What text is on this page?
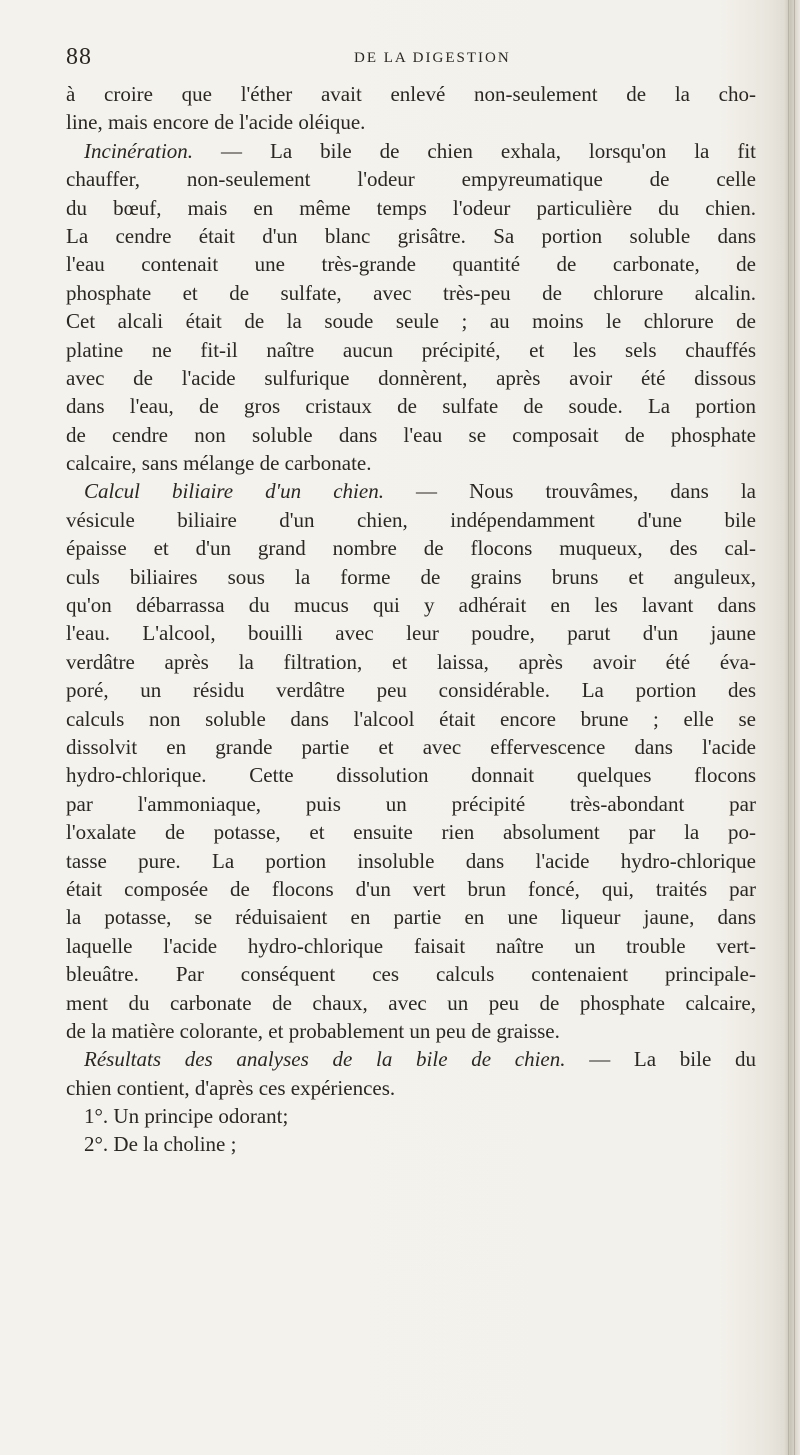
88	DE LA DIGESTION
à croire que l'éther avait enlevé non-seulement de la cho-
line, mais encore de l'acide oléique.
Incinération. — La bile de chien exhala, lorsqu'on la fit
chauffer, non-seulement l'odeur empyreumatique de celle
du bœuf, mais en même temps l'odeur particulière du chien.
La cendre était d'un blanc grisâtre. Sa portion soluble dans
l'eau contenait une très-grande quantité de carbonate, de
phosphate et de sulfate, avec très-peu de chlorure alcalin.
Cet alcali était de la soude seule ; au moins le chlorure de
platine ne fit-il naître aucun précipité, et les sels chauffés
avec de l'acide sulfurique donnèrent, après avoir été dissous
dans l'eau, de gros cristaux de sulfate de soude. La portion
de cendre non soluble dans l'eau se composait de phosphate
calcaire, sans mélange de carbonate.
Calcul biliaire d'un chien. — Nous trouvâmes, dans la
vésicule biliaire d'un chien, indépendamment d'une bile
épaisse et d'un grand nombre de flocons muqueux, des cal-
culs biliaires sous la forme de grains bruns et anguleux,
qu'on débarrassa du mucus qui y adhérait en les lavant dans
l'eau. L'alcool, bouilli avec leur poudre, parut d'un jaune
verdâtre après la filtration, et laissa, après avoir été éva-
poré, un résidu verdâtre peu considérable. La portion des
calculs non soluble dans l'alcool était encore brune ; elle se
dissolvit en grande partie et avec effervescence dans l'acide
hydro-chlorique. Cette dissolution donnait quelques flocons
par l'ammoniaque, puis un précipité très-abondant par
l'oxalate de potasse, et ensuite rien absolument par la po-
tasse pure. La portion insoluble dans l'acide hydro-chlorique
était composée de flocons d'un vert brun foncé, qui, traités par
la potasse, se réduisaient en partie en une liqueur jaune, dans
laquelle l'acide hydro-chlorique faisait naître un trouble vert-
bleuâtre. Par conséquent ces calculs contenaient principale-
ment du carbonate de chaux, avec un peu de phosphate calcaire,
de la matière colorante, et probablement un peu de graisse.
Résultats des analyses de la bile de chien. — La bile du
chien contient, d'après ces expériences.
1°. Un principe odorant;
2°. De la choline ;
